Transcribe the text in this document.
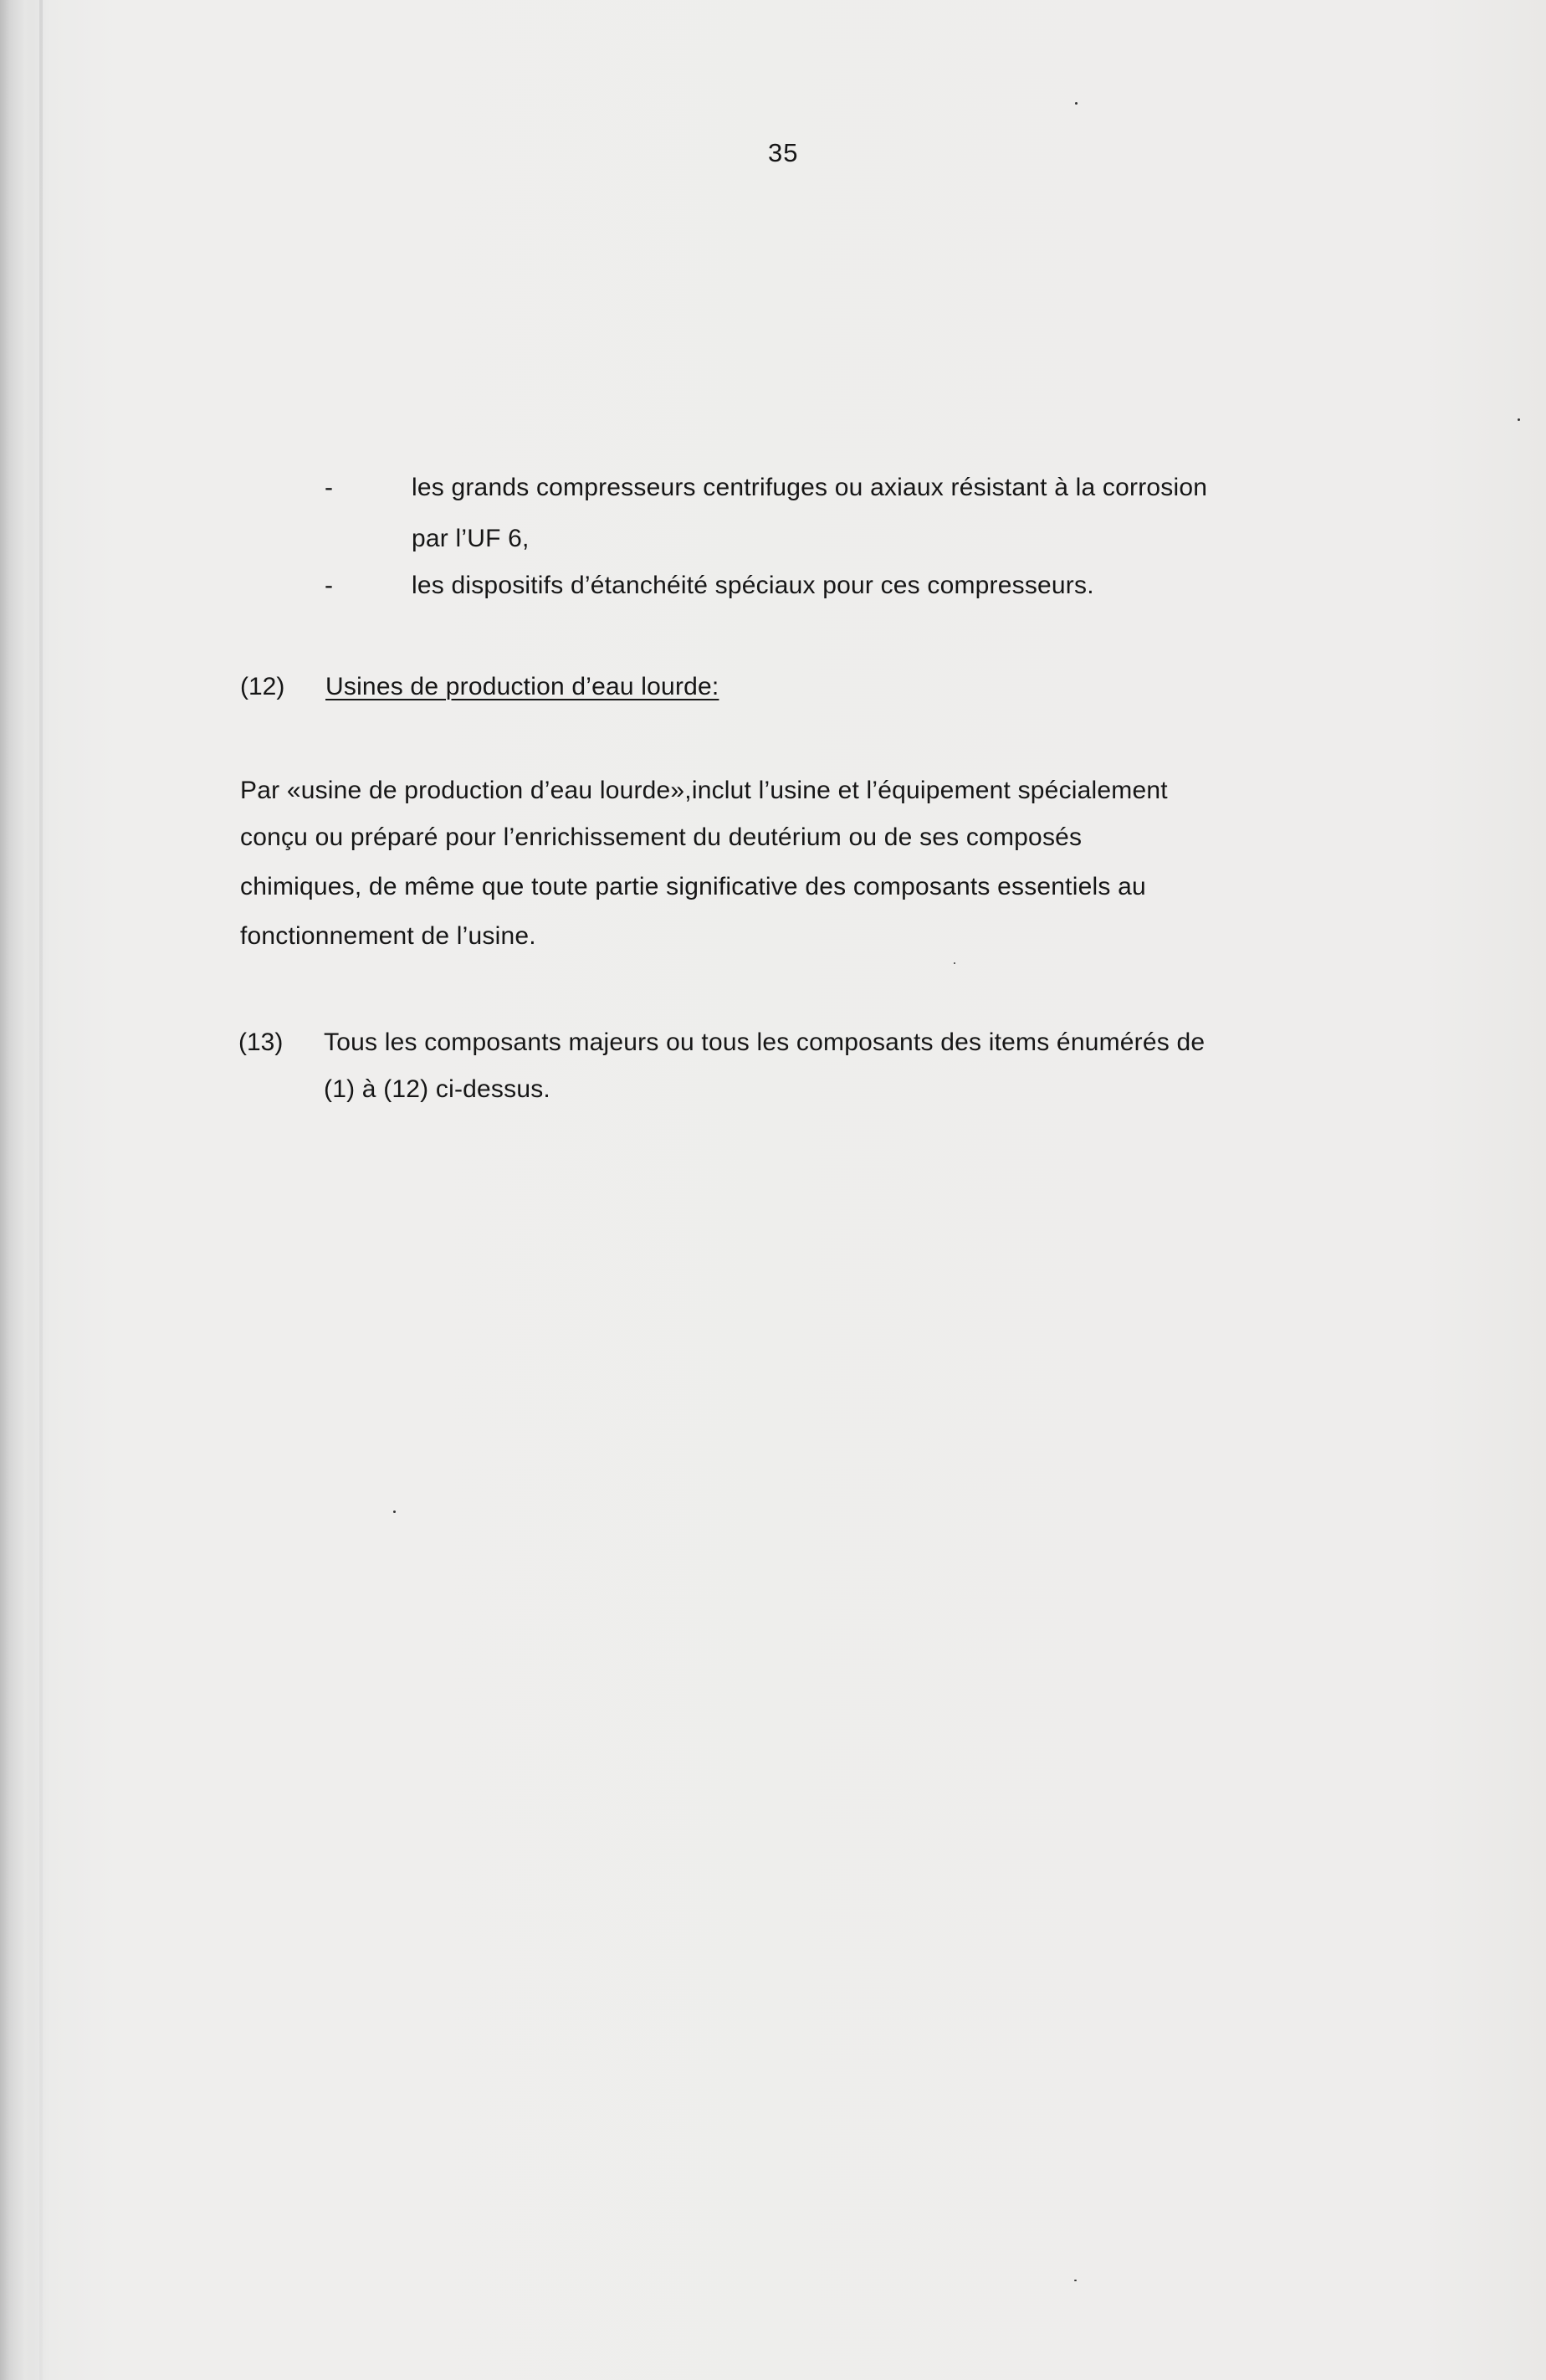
35
-	les grands compresseurs centrifuges ou axiaux résistant à la corrosion
par l’UF 6,
-	les dispositifs d’étanchéité spéciaux pour ces compresseurs.
(12) Usines de production d’eau lourde:
Par «usine de production d’eau lourde»,inclut l’usine et l’équipement spécialement
conçu ou préparé pour l’enrichissement du deutérium ou de ses composés
chimiques, de même que toute partie significative des composants essentiels au
fonctionnement de l’usine.
(13) Tous les composants majeurs ou tous les composants des items énumérés de
(1) à (12) ci-dessus.
